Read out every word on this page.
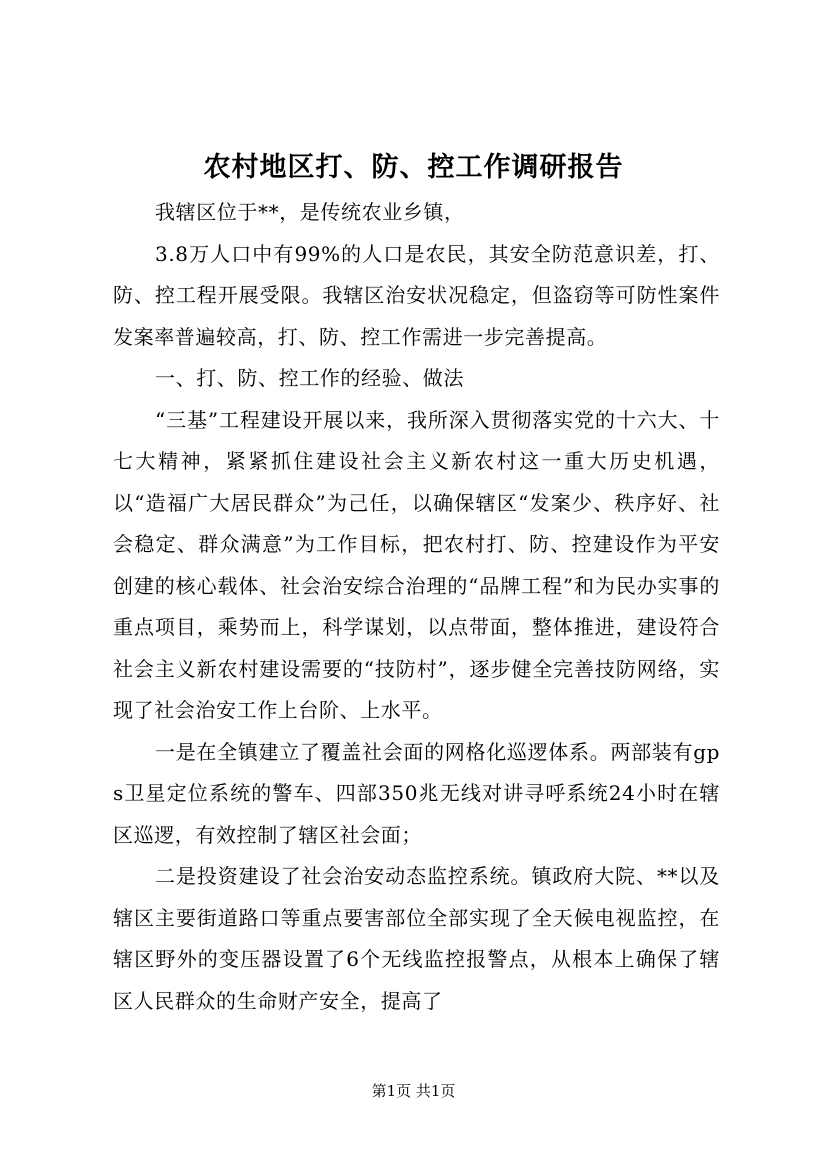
农村地区打、防、控工作调研报告

我辖区位于**，是传统农业乡镇，

3.8万人口中有99%的人口是农民，其安全防范意识差，打、防、控工程开展受限。我辖区治安状况稳定，但盗窃等可防性案件发案率普遍较高，打、防、控工作需进一步完善提高。

一、打、防、控工作的经验、做法

“三基”工程建设开展以来，我所深入贯彻落实党的十六大、十七大精神，紧紧抓住建设社会主义新农村这一重大历史机遇，以“造福广大居民群众”为己任，以确保辖区“发案少、秩序好、社会稳定、群众满意”为工作目标，把农村打、防、控建设作为平安创建的核心载体、社会治安综合治理的“品牌工程”和为民办实事的重点项目，乘势而上，科学谋划，以点带面，整体推进，建设符合社会主义新农村建设需要的“技防村”，逐步健全完善技防网络，实现了社会治安工作上台阶、上水平。

一是在全镇建立了覆盖社会面的网格化巡逻体系。两部装有gps卫星定位系统的警车、四部350兆无线对讲寻呼系统24小时在辖区巡逻，有效控制了辖区社会面；

二是投资建设了社会治安动态监控系统。镇政府大院、**以及辖区主要街道路口等重点要害部位全部实现了全天候电视监控，在辖区野外的变压器设置了6个无线监控报警点，从根本上确保了辖区人民群众的生命财产安全，提高了

第1页 共1页
